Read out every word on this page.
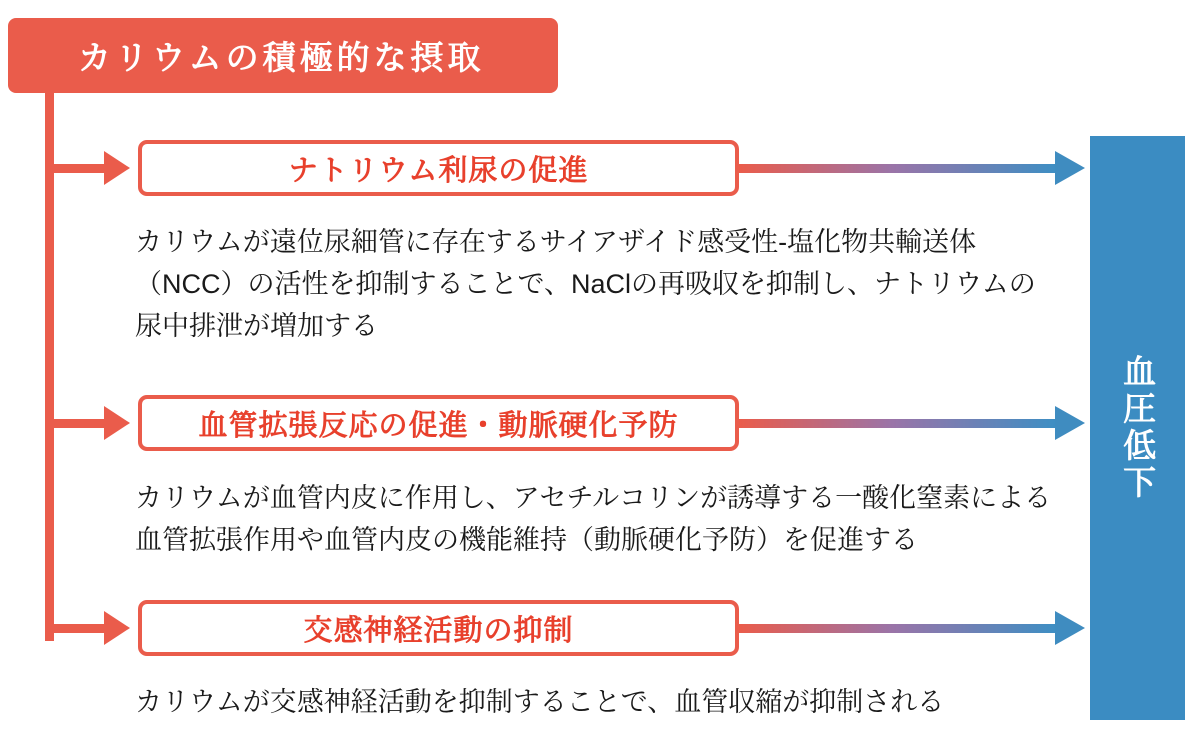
カリウムの積極的な摂取
ナトリウム利尿の促進
カリウムが遠位尿細管に存在するサイアザイド感受性-塩化物共輸送体（NCC）の活性を抑制することで、NaClの再吸収を抑制し、ナトリウムの尿中排泄が増加する
血管拡張反応の促進・動脈硬化予防
カリウムが血管内皮に作用し、アセチルコリンが誘導する一酸化窒素による血管拡張作用や血管内皮の機能維持（動脈硬化予防）を促進する
交感神経活動の抑制
カリウムが交感神経活動を抑制することで、血管収縮が抑制される
血圧低下
